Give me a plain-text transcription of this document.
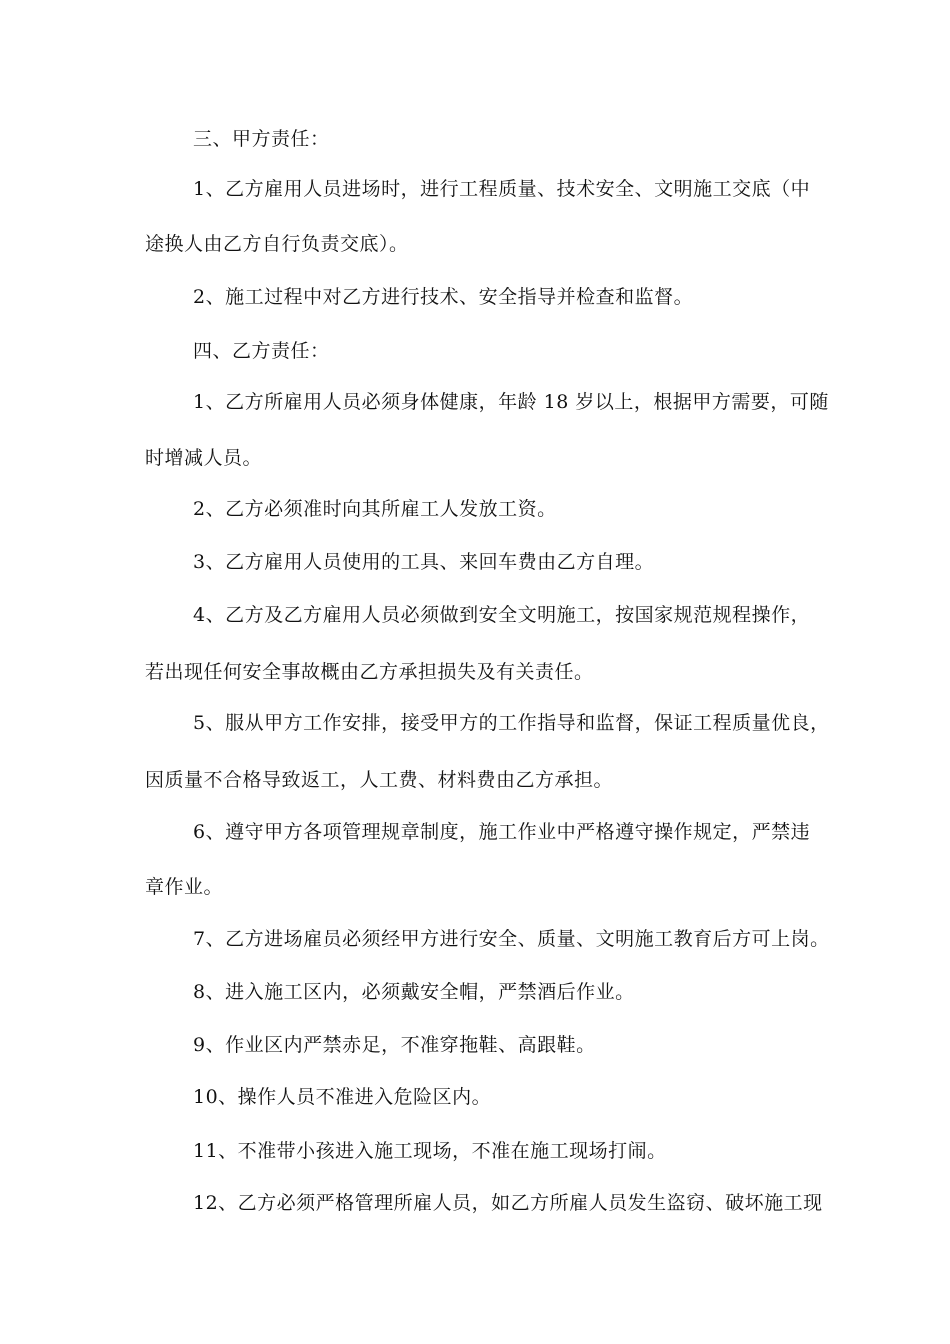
三、甲方责任：
1、乙方雇用人员进场时，进行工程质量、技术安全、文明施工交底（中
途换人由乙方自行负责交底）。
2、施工过程中对乙方进行技术、安全指导并检查和监督。
四、乙方责任：
1、乙方所雇用人员必须身体健康，年龄 18 岁以上，根据甲方需要，可随
时增减人员。
2、乙方必须准时向其所雇工人发放工资。
3、乙方雇用人员使用的工具、来回车费由乙方自理。
4、乙方及乙方雇用人员必须做到安全文明施工，按国家规范规程操作，
若出现任何安全事故概由乙方承担损失及有关责任。
5、服从甲方工作安排，接受甲方的工作指导和监督，保证工程质量优良，
因质量不合格导致返工，人工费、材料费由乙方承担。
6、遵守甲方各项管理规章制度，施工作业中严格遵守操作规定，严禁违
章作业。
7、乙方进场雇员必须经甲方进行安全、质量、文明施工教育后方可上岗。
8、进入施工区内，必须戴安全帽，严禁酒后作业。
9、作业区内严禁赤足，不准穿拖鞋、高跟鞋。
10、操作人员不准进入危险区内。
11、不准带小孩进入施工现场，不准在施工现场打闹。
12、乙方必须严格管理所雇人员，如乙方所雇人员发生盗窃、破坏施工现
